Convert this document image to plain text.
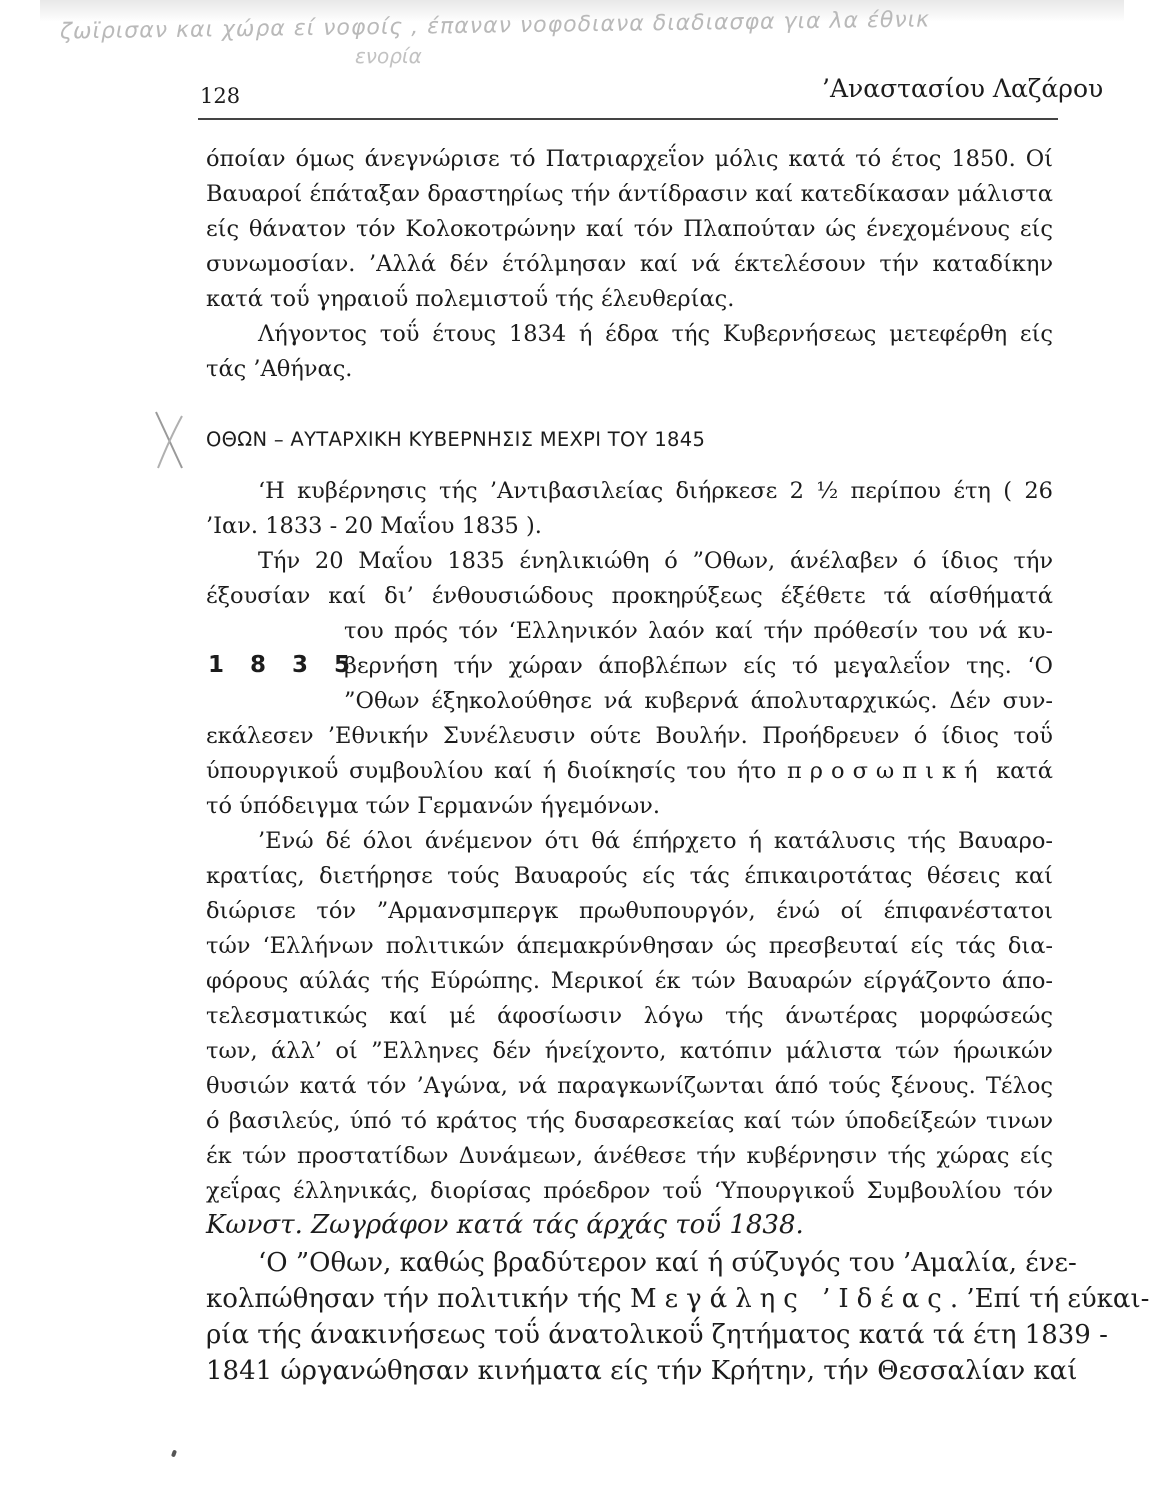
ζωϊρισαν και χώρα εί νοφοίς , έπαναν νοφοδιανα διαδιασφα για λα έθνικ
ενορία
128	’Αναστασίου Λαζάρου
όποίαν όμως άνεγνώρισε τό Πατριαρχεΐον μόλις κατά τό έτος 1850. Οί
Βαυαροί έπάταξαν δραστηρίως τήν άντίδρασιν καί κατεδίκασαν μάλιστα
είς θάνατον τόν Κολοκοτρώνην καί τόν Πλαπούταν ώς ένεχομένους είς
συνωμοσίαν. ’Αλλά δέν έτόλμησαν καί νά έκτελέσουν τήν καταδίκην
κατά τοΰ γηραιοΰ πολεμιστοΰ τής έλευθερίας.
Λήγοντος τοΰ έτους 1834 ή έδρα τής Κυβερνήσεως μετεφέρθη είς
τάς ’Αθήνας.
ΟΘΩΝ – ΑΥΤΑΡΧΙΚΗ ΚΥΒΕΡΝΗΣΙΣ ΜΕΧΡΙ ΤΟΥ 1845
‘Η κυβέρνησις τής ’Αντιβασιλείας διήρκεσε 2 ½ περίπου έτη ( 26
’Ιαν. 1833 - 20 Μαΐου 1835 ).
Τήν 20 Μαΐου 1835 ένηλικιώθη ό ”Οθων, άνέλαβεν ό ίδιος τήν
έξουσίαν καί δι’ ένθουσιώδους προκηρύξεως έξέθετε τά αίσθήματά
του πρός τόν ‘Ελληνικόν λαόν καί τήν πρόθεσίν του νά κυ-
1 8 3 5
βερνήση τήν χώραν άποβλέπων είς τό μεγαλεΐον της. ‘Ο
”Οθων έξηκολούθησε νά κυβερνά άπολυταρχικώς. Δέν συν-
εκάλεσεν ’Εθνικήν Συνέλευσιν ούτε Βουλήν. Προήδρευεν ό ίδιος τοΰ
ύπουργικοΰ συμβουλίου καί ή διοίκησίς του ήτο προσωπική κατά
τό ύπόδειγμα τών Γερμανών ήγεμόνων.
’Ενώ δέ όλοι άνέμενον ότι θά έπήρχετο ή κατάλυσις τής Βαυαρο-
κρατίας, διετήρησε τούς Βαυαρούς είς τάς έπικαιροτάτας θέσεις καί
διώρισε τόν ”Αρμανσμπεργκ πρωθυπουργόν, ένώ οί έπιφανέστατοι
τών ‘Ελλήνων πολιτικών άπεμακρύνθησαν ώς πρεσβευταί είς τάς δια-
φόρους αύλάς τής Εύρώπης. Μερικοί έκ τών Βαυαρών είργάζοντο άπο-
τελεσματικώς καί μέ άφοσίωσιν λόγω τής άνωτέρας μορφώσεώς
των, άλλ’ οί ”Ελληνες δέν ήνείχοντο, κατόπιν μάλιστα τών ήρωικών
θυσιών κατά τόν ’Αγώνα, νά παραγκωνίζωνται άπό τούς ξένους. Τέλος
ό βασιλεύς, ύπό τό κράτος τής δυσαρεσκείας καί τών ύποδείξεών τινων
έκ τών προστατίδων Δυνάμεων, άνέθεσε τήν κυβέρνησιν τής χώρας είς
χεΐρας έλληνικάς, διορίσας πρόεδρον τοΰ ‘Υπουργικοΰ Συμβουλίου τόν
Κωνστ. Ζωγράφον κατά τάς άρχάς τοΰ 1838.
‘Ο ”Οθων, καθώς βραδύτερον καί ή σύζυγός του ’Αμαλία, ένε-
κολπώθησαν τήν πολιτικήν τής Μεγάλης ’Ιδέας. ’Επί τή εύκαι-
ρία τής άνακινήσεως τοΰ άνατολικοΰ ζητήματος κατά τά έτη 1839 -
1841 ώργανώθησαν κινήματα είς τήν Κρήτην, τήν Θεσσαλίαν καί
